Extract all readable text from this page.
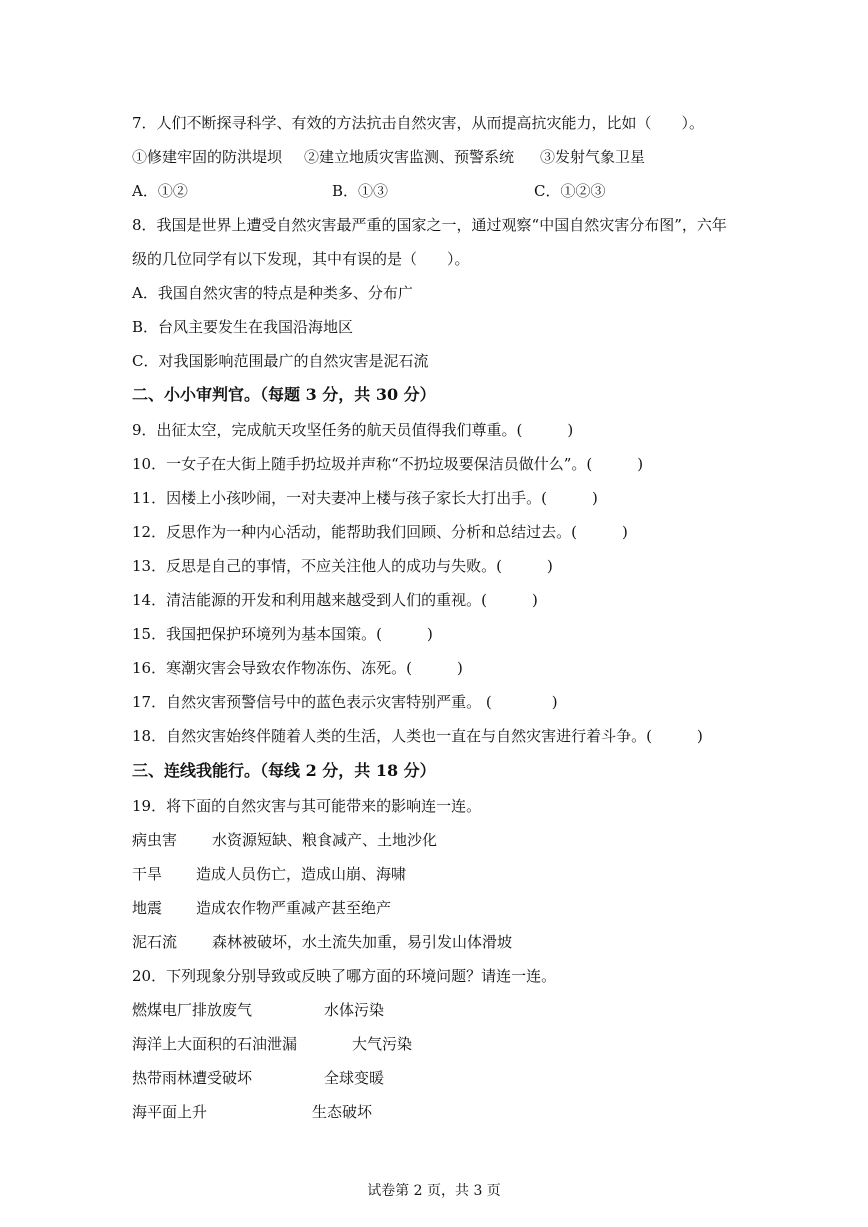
7．人们不断探寻科学、有效的方法抗击自然灾害，从而提高抗灾能力，比如（　　）。
①修建牢固的防洪堤坝 ②建立地质灾害监测、预警系统 ③发射气象卫星
A．①②	B．①③	C．①②③
8．我国是世界上遭受自然灾害最严重的国家之一，通过观察“中国自然灾害分布图”，六年
级的几位同学有以下发现，其中有误的是（　　）。
A．我国自然灾害的特点是种类多、分布广
B．台风主要发生在我国沿海地区
C．对我国影响范围最广的自然灾害是泥石流
二、小小审判官。（每题 3 分，共 30 分）
9．出征太空，完成航天攻坚任务的航天员值得我们尊重。(　　　)
10．一女子在大街上随手扔垃圾并声称“不扔垃圾要保洁员做什么”。(　　　)
11．因楼上小孩吵闹，一对夫妻冲上楼与孩子家长大打出手。(　　　)
12．反思作为一种内心活动，能帮助我们回顾、分析和总结过去。(　　　)
13．反思是自己的事情，不应关注他人的成功与失败。(　　　)
14．清洁能源的开发和利用越来越受到人们的重视。(　　　)
15．我国把保护环境列为基本国策。(　　　)
16．寒潮灾害会导致农作物冻伤、冻死。(　　　)
17．自然灾害预警信号中的蓝色表示灾害特别严重。 (　　　　)
18．自然灾害始终伴随着人类的生活，人类也一直在与自然灾害进行着斗争。(　　　)
三、连线我能行。（每线 2 分，共 18 分）
19．将下面的自然灾害与其可能带来的影响连一连。
病虫害 水资源短缺、粮食减产、土地沙化
干旱 造成人员伤亡，造成山崩、海啸
地震 造成农作物严重减产甚至绝产
泥石流 森林被破坏，水土流失加重，易引发山体滑坡
20．下列现象分别导致或反映了哪方面的环境问题？请连一连。
燃煤电厂排放废气	水体污染
海洋上大面积的石油泄漏	大气污染
热带雨林遭受破坏	全球变暖
海平面上升	生态破坏
试卷第 2 页，共 3 页
